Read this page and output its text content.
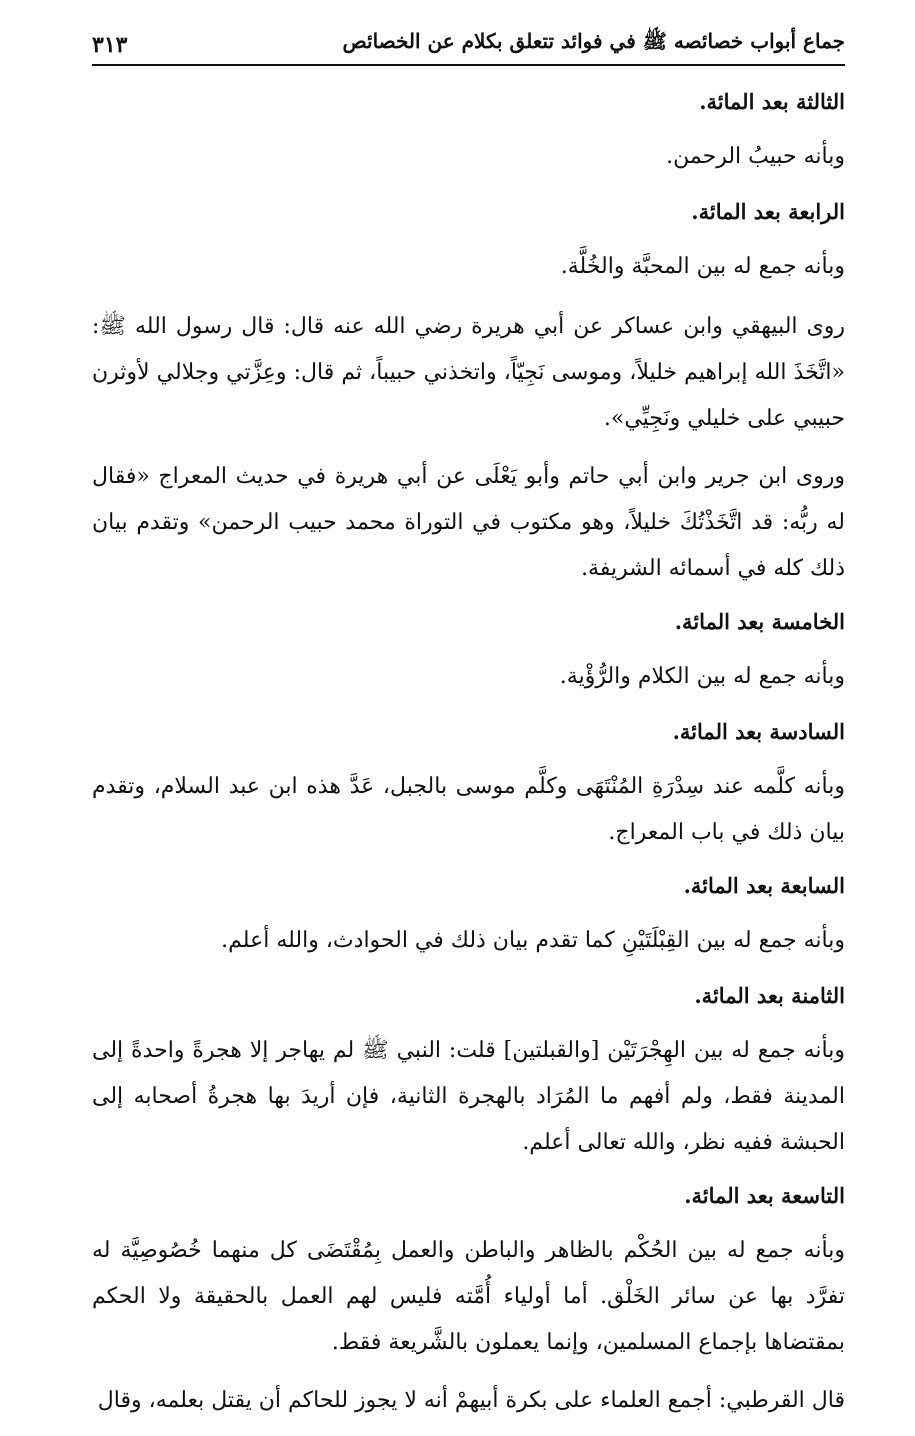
جماع أبواب خصائصه ﷺ في فوائد تتعلق بكلام عن الخصائص
٣١٣
الثالثة بعد المائة.

وبأنه حبيبُ الرحمن.

الرابعة بعد المائة.

وبأنه جمع له بين المحبَّة والخُلَّة.

روى البيهقي وابن عساكر عن أبي هريرة رضي الله عنه قال: قال رسول الله ﷺ: «اتَّخَذَ الله إبراهيم خليلاً، وموسى نَجِيّاً، واتخذني حبيباً، ثم قال: وعِزَّتي وجلالي لأوثرن حبيبي على خليلي ونَجِيِّي».

وروى ابن جرير وابن أبي حاتم وأبو يَعْلَى عن أبي هريرة في حديث المعراج «فقال له ربُّه: قد اتَّخَذْتُكَ خليلاً، وهو مكتوب في التوراة محمد حبيب الرحمن» وتقدم بيان ذلك كله في أسمائه الشريفة.

الخامسة بعد المائة.

وبأنه جمع له بين الكلام والرُّؤْية.

السادسة بعد المائة.

وبأنه كلَّمه عند سِدْرَةِ المُنْتَهَى وكلَّم موسى بالجبل، عَدَّ هذه ابن عبد السلام، وتقدم بيان ذلك في باب المعراج.

السابعة بعد المائة.

وبأنه جمع له بين القِبْلَتَيْنِ كما تقدم بيان ذلك في الحوادث، والله أعلم.

الثامنة بعد المائة.

وبأنه جمع له بين الهِجْرَتَيْن [والقبلتين] قلت: النبي ﷺ لم يهاجر إلا هجرةً واحدةً إلى المدينة فقط، ولم أفهم ما المُرَاد بالهجرة الثانية، فإن أريدَ بها هجرةُ أصحابه إلى الحبشة ففيه نظر، والله تعالى أعلم.

التاسعة بعد المائة.

وبأنه جمع له بين الحُكْم بالظاهر والباطن والعمل بِمُقْتَضَى كل منهما خُصُوصِيَّة له تفرَّد بها عن سائر الخَلْق. أما أولياء أُمَّته فليس لهم العمل بالحقيقة ولا الحكم بمقتضاها بإجماع المسلمين، وإنما يعملون بالشَّريعة فقط.

قال القرطبي: أجمع العلماء على بكرة أبيهمْ أنه لا يجوز للحاكم أن يقتل بعلمه، وقال
